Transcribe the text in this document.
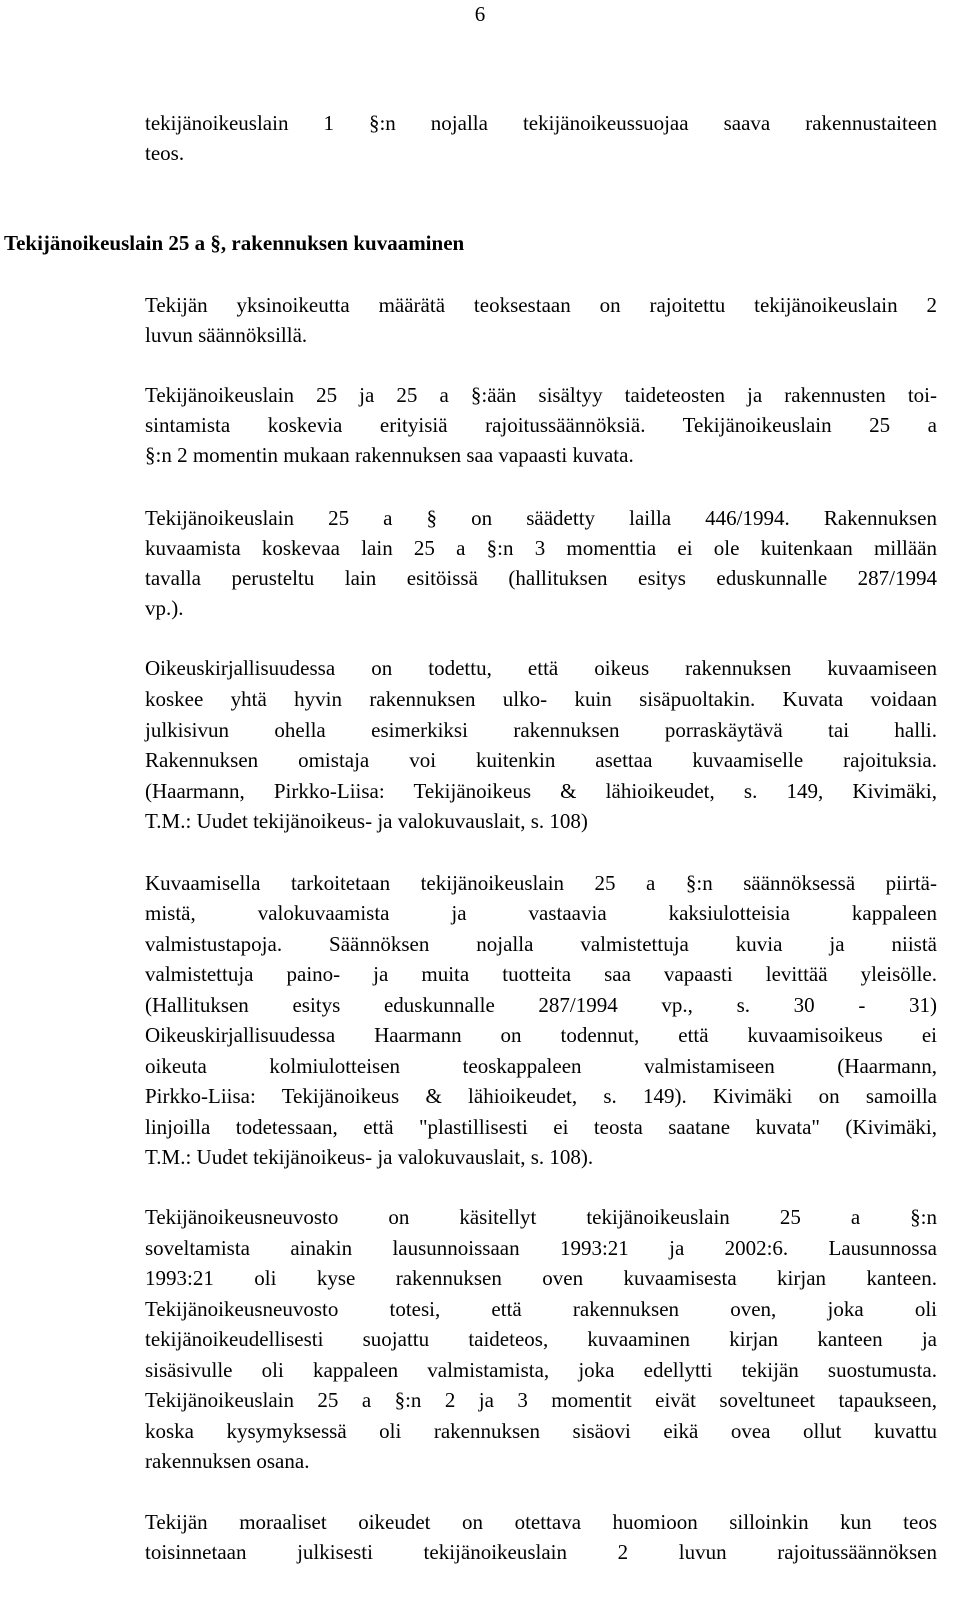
6
tekijänoikeuslain 1 §:n nojalla tekijänoikeussuojaa saava rakennustaiteen
teos.
Tekijänoikeuslain 25 a §, rakennuksen kuvaaminen
Tekijän yksinoikeutta määrätä teoksestaan on rajoitettu tekijänoikeuslain 2
luvun säännöksillä.
Tekijänoikeuslain 25 ja 25 a §:ään sisältyy taideteosten ja rakennusten toi-
sintamista koskevia erityisiä rajoitussäännöksiä. Tekijänoikeuslain 25 a
§:n 2 momentin mukaan rakennuksen saa vapaasti kuvata.
Tekijänoikeuslain 25 a § on säädetty lailla 446/1994. Rakennuksen
kuvaamista koskevaa lain 25 a §:n 3 momenttia ei ole kuitenkaan millään
tavalla perusteltu lain esitöissä (hallituksen esitys eduskunnalle 287/1994
vp.).
Oikeuskirjallisuudessa on todettu, että oikeus rakennuksen kuvaamiseen
koskee yhtä hyvin rakennuksen ulko- kuin sisäpuoltakin. Kuvata voidaan
julkisivun ohella esimerkiksi rakennuksen porraskäytävä tai halli.
Rakennuksen omistaja voi kuitenkin asettaa kuvaamiselle rajoituksia.
(Haarmann, Pirkko-Liisa: Tekijänoikeus & lähioikeudet, s. 149, Kivimäki,
T.M.: Uudet tekijänoikeus- ja valokuvauslait, s. 108)
Kuvaamisella tarkoitetaan tekijänoikeuslain 25 a §:n säännöksessä piirtä-
mistä, valokuvaamista ja vastaavia kaksiulotteisia kappaleen
valmistustapoja. Säännöksen nojalla valmistettuja kuvia ja niistä
valmistettuja paino- ja muita tuotteita saa vapaasti levittää yleisölle.
(Hallituksen esitys eduskunnalle 287/1994 vp., s. 30 - 31)
Oikeuskirjallisuudessa Haarmann on todennut, että kuvaamisoikeus ei
oikeuta kolmiulotteisen teoskappaleen valmistamiseen (Haarmann,
Pirkko-Liisa: Tekijänoikeus & lähioikeudet, s. 149). Kivimäki on samoilla
linjoilla todetessaan, että "plastillisesti ei teosta saatane kuvata" (Kivimäki,
T.M.: Uudet tekijänoikeus- ja valokuvauslait, s. 108).
Tekijänoikeusneuvosto on käsitellyt tekijänoikeuslain 25 a §:n
soveltamista ainakin lausunnoissaan 1993:21 ja 2002:6. Lausunnossa
1993:21 oli kyse rakennuksen oven kuvaamisesta kirjan kanteen.
Tekijänoikeusneuvosto totesi, että rakennuksen oven, joka oli
tekijänoikeudellisesti suojattu taideteos, kuvaaminen kirjan kanteen ja
sisäsivulle oli kappaleen valmistamista, joka edellytti tekijän suostumusta.
Tekijänoikeuslain 25 a §:n 2 ja 3 momentit eivät soveltuneet tapaukseen,
koska kysymyksessä oli rakennuksen sisäovi eikä ovea ollut kuvattu
rakennuksen osana.
Tekijän moraaliset oikeudet on otettava huomioon silloinkin kun teos
toisinnetaan julkisesti tekijänoikeuslain 2 luvun rajoitussäännöksen
